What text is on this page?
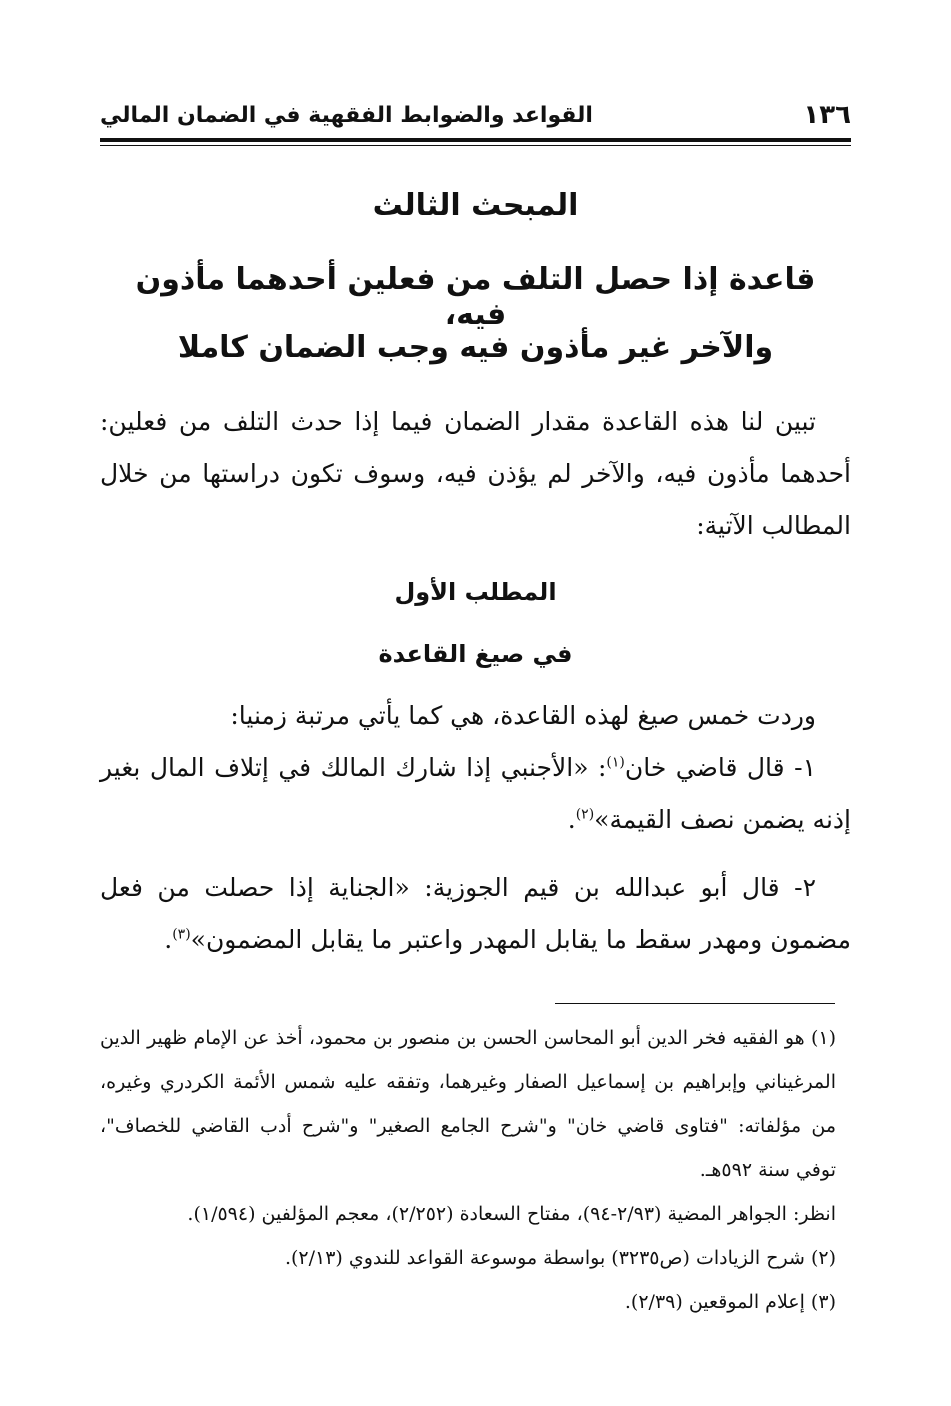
١٣٦
القواعد والضوابط الفقهية في الضمان المالي
المبحث الثالث
قاعدة إذا حصل التلف من فعلين أحدهما مأذون فيه،
والآخر غير مأذون فيه وجب الضمان كاملا
تبين لنا هذه القاعدة مقدار الضمان فيما إذا حدث التلف من فعلين: أحدهما مأذون فيه، والآخر لم يؤذن فيه، وسوف تكون دراستها من خلال المطالب الآتية:
المطلب الأول
في صيغ القاعدة
وردت خمس صيغ لهذه القاعدة، هي كما يأتي مرتبة زمنيا:
١- قال قاضي خان$^{(١)}$: «الأجنبي إذا شارك المالك في إتلاف المال بغير إذنه يضمن نصف القيمة»$^{(٢)}$.
٢- قال أبو عبدالله بن قيم الجوزية: «الجناية إذا حصلت من فعل مضمون ومهدر سقط ما يقابل المهدر واعتبر ما يقابل المضمون»$^{(٣)}$.

(١) هو الفقيه فخر الدين أبو المحاسن الحسن بن منصور بن محمود، أخذ عن الإمام ظهير الدين المرغيناني وإبراهيم بن إسماعيل الصفار وغيرهما، وتفقه عليه شمس الأئمة الكردري وغيره، من مؤلفاته: "فتاوى قاضي خان" و"شرح الجامع الصغير" و"شرح أدب القاضي للخصاف"، توفي سنة ٥٩٢هـ.

انظر: الجواهر المضية (٢/٩٣-٩٤)، مفتاح السعادة (٢/٢٥٢)، معجم المؤلفين (١/٥٩٤).

(٢) شرح الزيادات (ص٣٢٣٥) بواسطة موسوعة القواعد للندوي (٢/١٣).

(٣) إعلام الموقعين (٢/٣٩).
